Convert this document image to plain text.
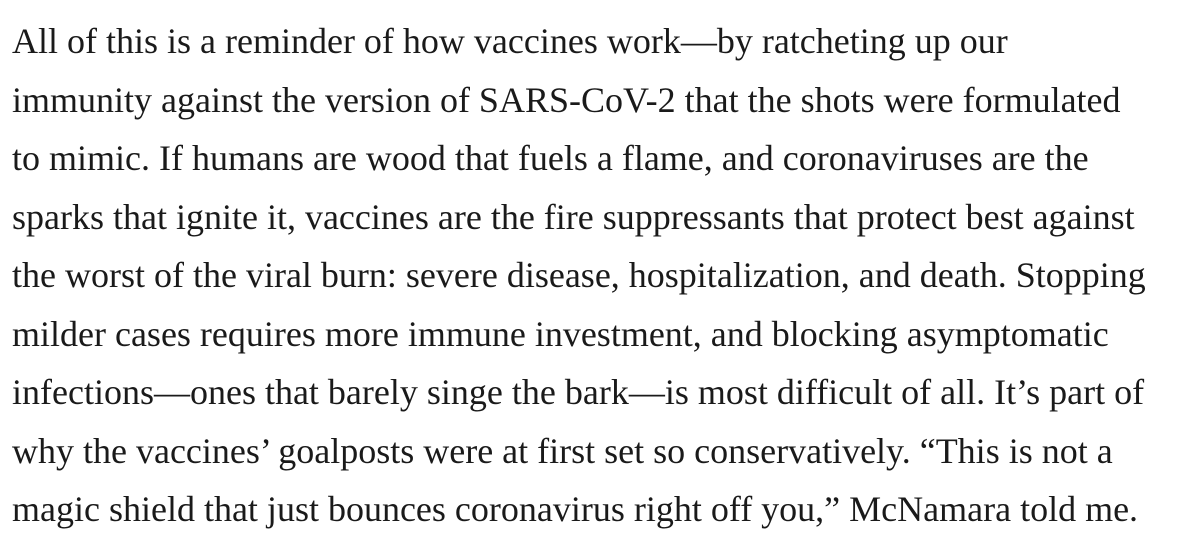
All of this is a reminder of how vaccines work—by ratcheting up our
immunity against the version of SARS-CoV-2 that the shots were formulated
to mimic. If humans are wood that fuels a flame, and coronaviruses are the
sparks that ignite it, vaccines are the fire suppressants that protect best against
the worst of the viral burn: severe disease, hospitalization, and death. Stopping
milder cases requires more immune investment, and blocking asymptomatic
infections—ones that barely singe the bark—is most difficult of all. It’s part of
why the vaccines’ goalposts were at first set so conservatively. “This is not a
magic shield that just bounces coronavirus right off you,” McNamara told me.
